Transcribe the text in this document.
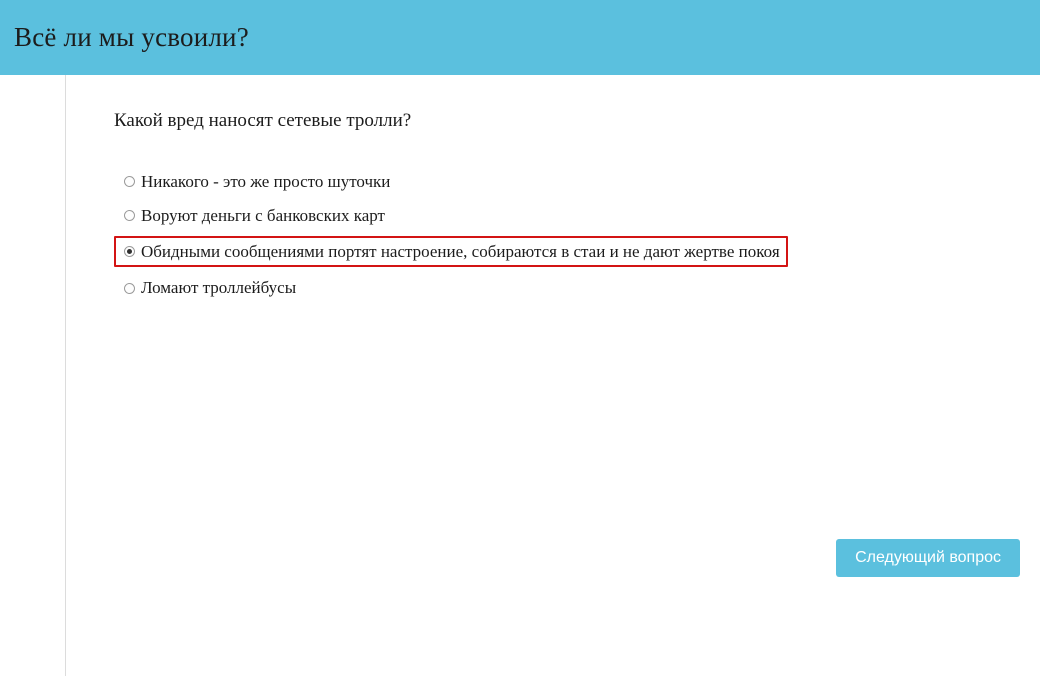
Всё ли мы усвоили?
Какой вред наносят сетевые тролли?
Никакого - это же просто шуточки
Воруют деньги с банковских карт
Обидными сообщениями портят настроение, собираются в стаи и не дают жертве покоя
Ломают троллейбусы
Следующий вопрос
